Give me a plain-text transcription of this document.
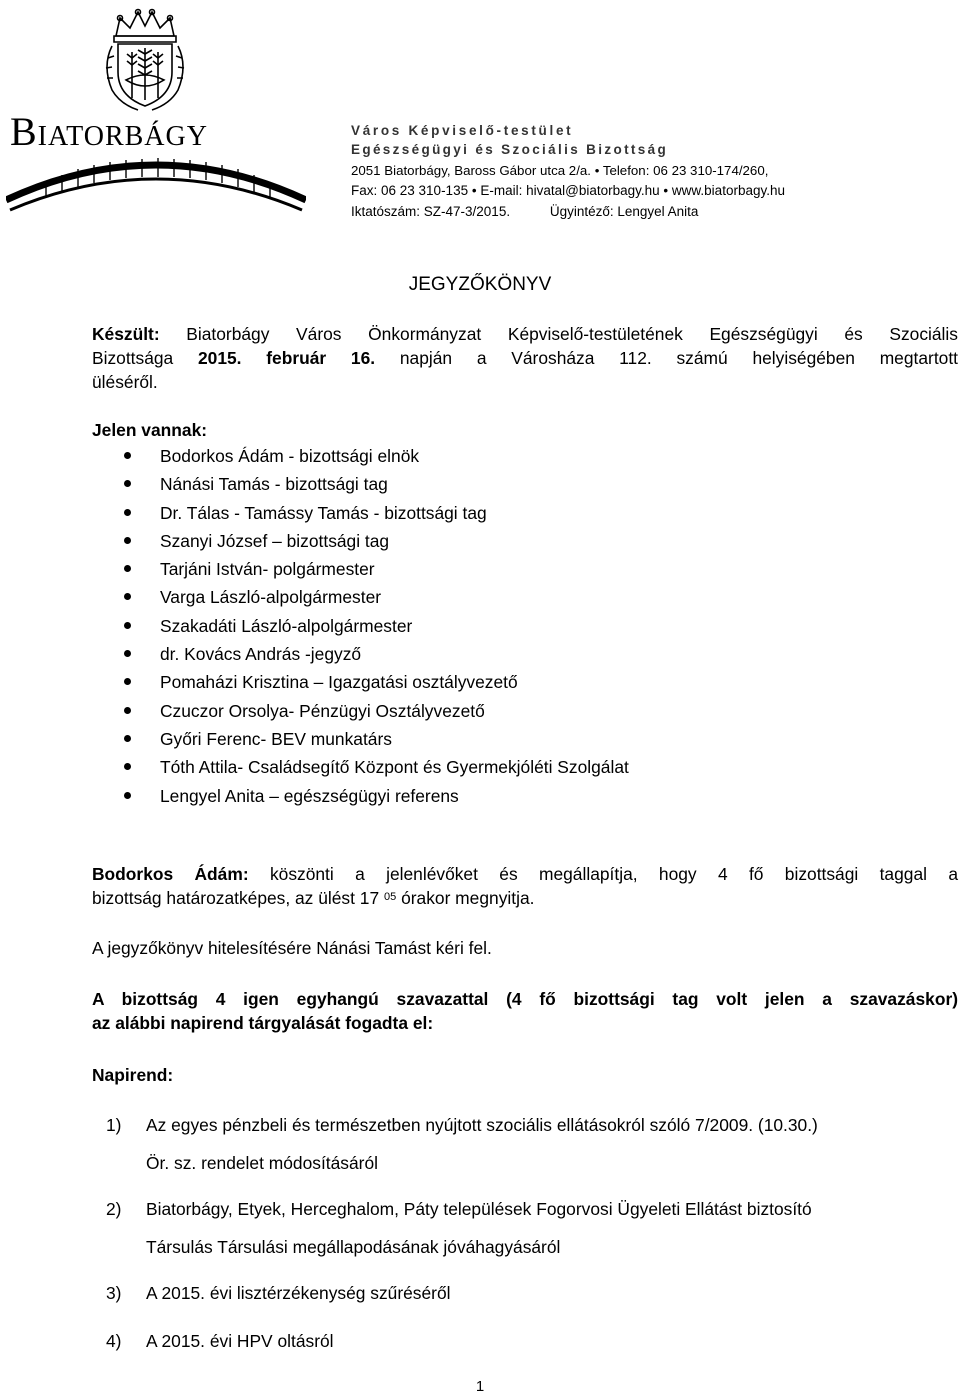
Biatorbágy	Város Képviselő-testület
Egészségügyi és Szociális Bizottság
2051 Biatorbágy, Baross Gábor utca 2/a. • Telefon: 06 23 310-174/260,
Fax: 06 23 310-135 • E-mail: hivatal@biatorbagy.hu • www.biatorbagy.hu
Iktatószám: SZ-47-3/2015.	Ügyintéző: Lengyel Anita
JEGYZŐKÖNYV
Készült: Biatorbágy Város Önkormányzat Képviselő-testületének Egészségügyi és Szociális
Bizottsága 2015. február 16. napján a Városháza 112. számú helyiségében megtartott
üléséről.
Jelen vannak:
Bodorkos Ádám - bizottsági elnök
Nánási Tamás - bizottsági tag
Dr. Tálas - Tamássy Tamás - bizottsági tag
Szanyi József – bizottsági tag
Tarjáni István- polgármester
Varga László-alpolgármester
Szakadáti László-alpolgármester
dr. Kovács András -jegyző
Pomaházi Krisztina – Igazgatási osztályvezető
Czuczor Orsolya- Pénzügyi Osztályvezető
Győri Ferenc- BEV munkatárs
Tóth Attila- Családsegítő Központ és Gyermekjóléti Szolgálat
Lengyel Anita – egészségügyi referens
Bodorkos Ádám: köszönti a jelenlévőket és megállapítja, hogy 4 fő bizottsági taggal a
bizottság határozatképes, az ülést 17 $^{05}$ órakor megnyitja.
A jegyzőkönyv hitelesítésére Nánási Tamást kéri fel.
A bizottság 4 igen egyhangú szavazattal (4 fő bizottsági tag volt jelen a szavazáskor)
az alábbi napirend tárgyalását fogadta el:
Napirend:
1) Az egyes pénzbeli és természetben nyújtott szociális ellátásokról szóló 7/2009. (10.30.)
Ör. sz. rendelet módosításáról
2) Biatorbágy, Etyek, Herceghalom, Páty települések Fogorvosi Ügyeleti Ellátást biztosító
Társulás Társulási megállapodásának jóváhagyásáról
3) A 2015. évi lisztérzékenység szűréséről
4) A 2015. évi HPV oltásról
1
